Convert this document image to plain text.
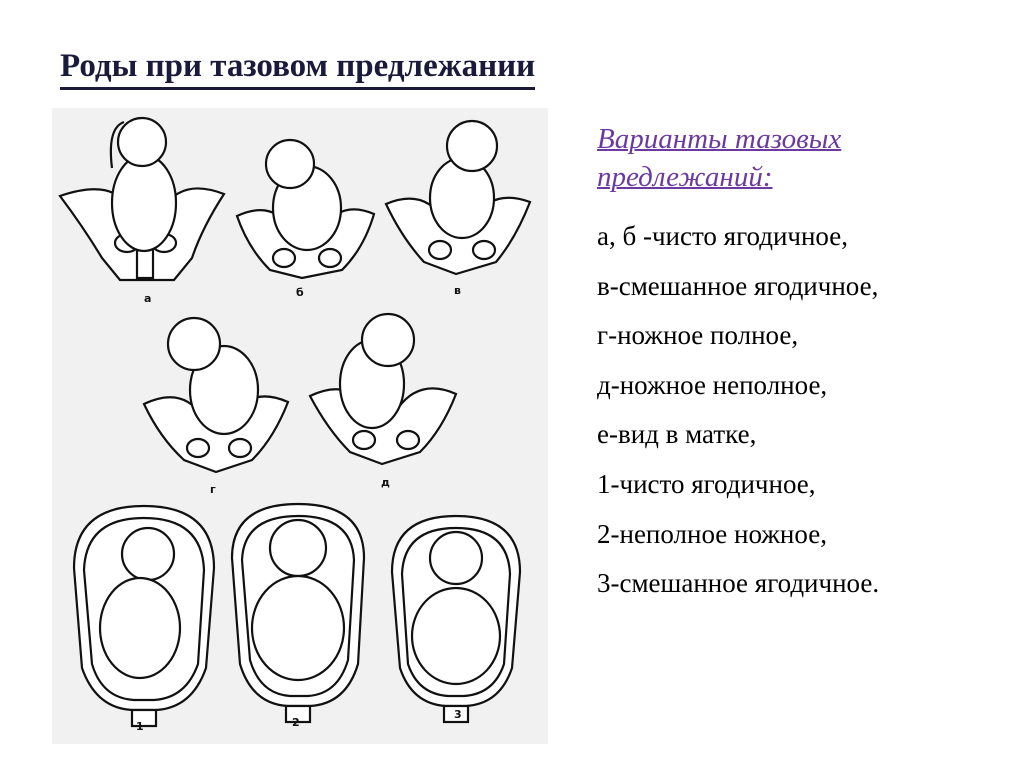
Роды при тазовом предлежании
а	б	в
г
д
1	2
3
Варианты тазовых
предлежаний:
а, б -чисто ягодичное,
в-смешанное ягодичное,
г-ножное полное,
д-ножное неполное,
е-вид в матке,
1-чисто ягодичное,
2-неполное ножное,
3-смешанное ягодичное.
